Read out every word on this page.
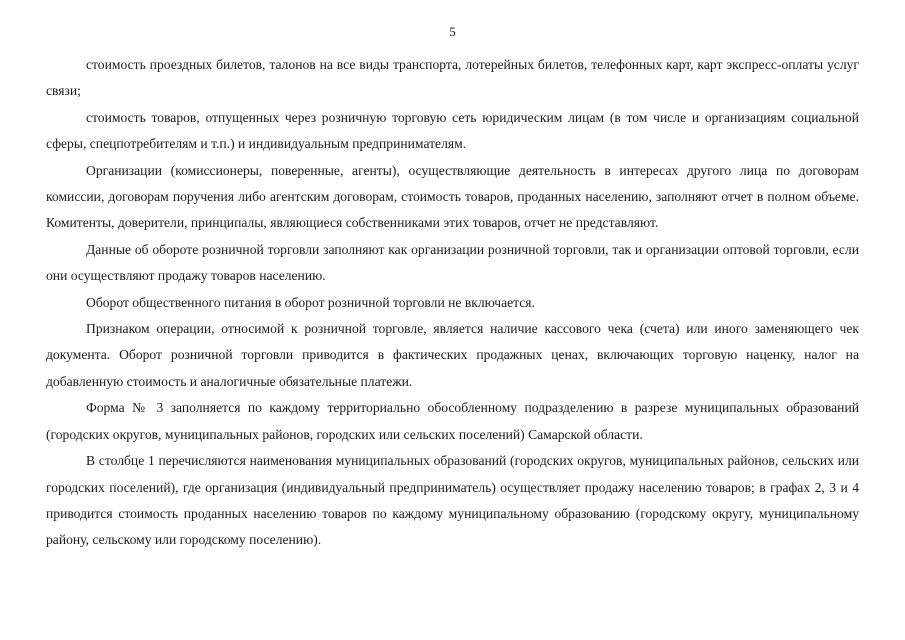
5

стоимость проездных билетов, талонов на все виды транспорта, лотерейных билетов, телефонных карт, карт экспресс-оплаты услуг связи;

стоимость товаров, отпущенных через розничную торговую сеть юридическим лицам (в том числе и организациям социальной сферы, спецпотребителям и т.п.) и индивидуальным предпринимателям.

Организации (комиссионеры, поверенные, агенты), осуществляющие деятельность в интересах другого лица по договорам комиссии, договорам поручения либо агентским договорам, стоимость товаров, проданных населению, заполняют отчет в полном объеме. Комитенты, доверители, принципалы, являющиеся собственниками этих товаров, отчет не представляют.

Данные об обороте розничной торговли заполняют как организации розничной торговли, так и организации оптовой торговли, если они осуществляют продажу товаров населению.

Оборот общественного питания в оборот розничной торговли не включается.

Признаком операции, относимой к розничной торговле, является наличие кассового чека (счета) или иного заменяющего чек документа. Оборот розничной торговли приводится в фактических продажных ценах, включающих торговую наценку, налог на добавленную стоимость и аналогичные обязательные платежи.

Форма № 3 заполняется по каждому территориально обособленному подразделению в разрезе муниципальных образований (городских округов, муниципальных районов, городских или сельских поселений) Самарской области.

В столбце 1 перечисляются наименования муниципальных образований (городских округов, муниципальных районов, сельских или городских поселений), где организация (индивидуальный предприниматель) осуществляет продажу населению товаров; в графах 2, 3 и 4 приводится стоимость проданных населению товаров по каждому муниципальному образованию (городскому округу, муниципальному району, сельскому или городскому поселению).
